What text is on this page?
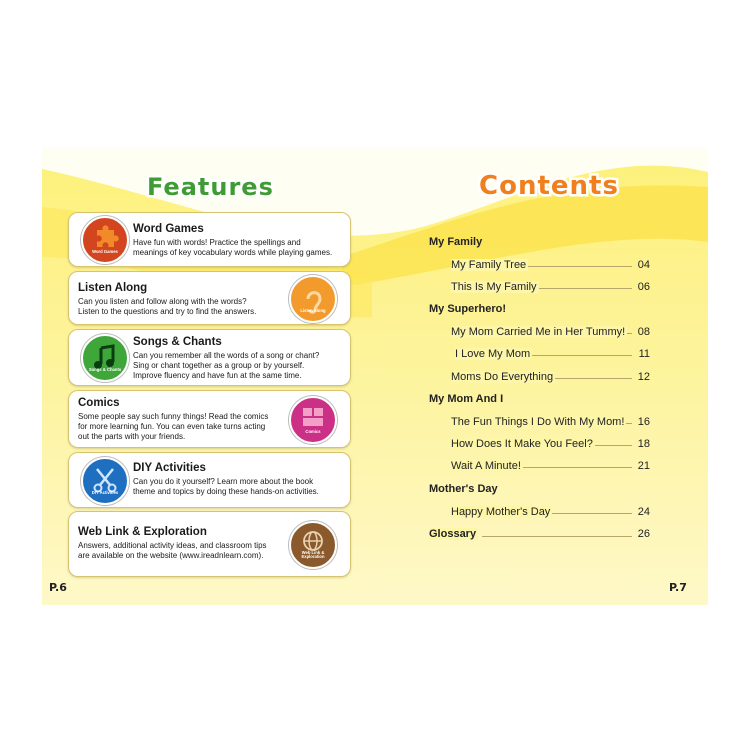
Features	Contents
Word Games
Word Games
Have fun with words! Practice the spellings and
meanings of key vocabulary words while playing games.
Listen Along
Can you listen and follow along with the words?
Listen to the questions and try to find the answers.	Listen Along
Songs & Chants
Songs & Chants
Can you remember all the words of a song or chant?
Sing or chant together as a group or by yourself.
Improve fluency and have fun at the same time.
Comics
Some people say such funny things! Read the comics
for more learning fun. You can even take turns acting
out the parts with your friends.
Comics
DIY Activities
DIY Activities
Can you do it yourself? Learn more about the book
theme and topics by doing these hands-on activities.
Web Link & Exploration
Answers, additional activity ideas, and classroom tips
are available on the website (www.ireadnlearn.com).	Web Link & Exploration
My Family
My Family Tree	04
This Is My Family	06
My Superhero!
My Mom Carried Me in Her Tummy!	08
I Love My Mom	11
Moms Do Everything	12
My Mom And I
The Fun Things I Do With My Mom!	16
How Does It Make You Feel?	18
Wait A Minute!	21
Mother's Day
Happy Mother's Day	24
Glossary	26
P.6	P.7
